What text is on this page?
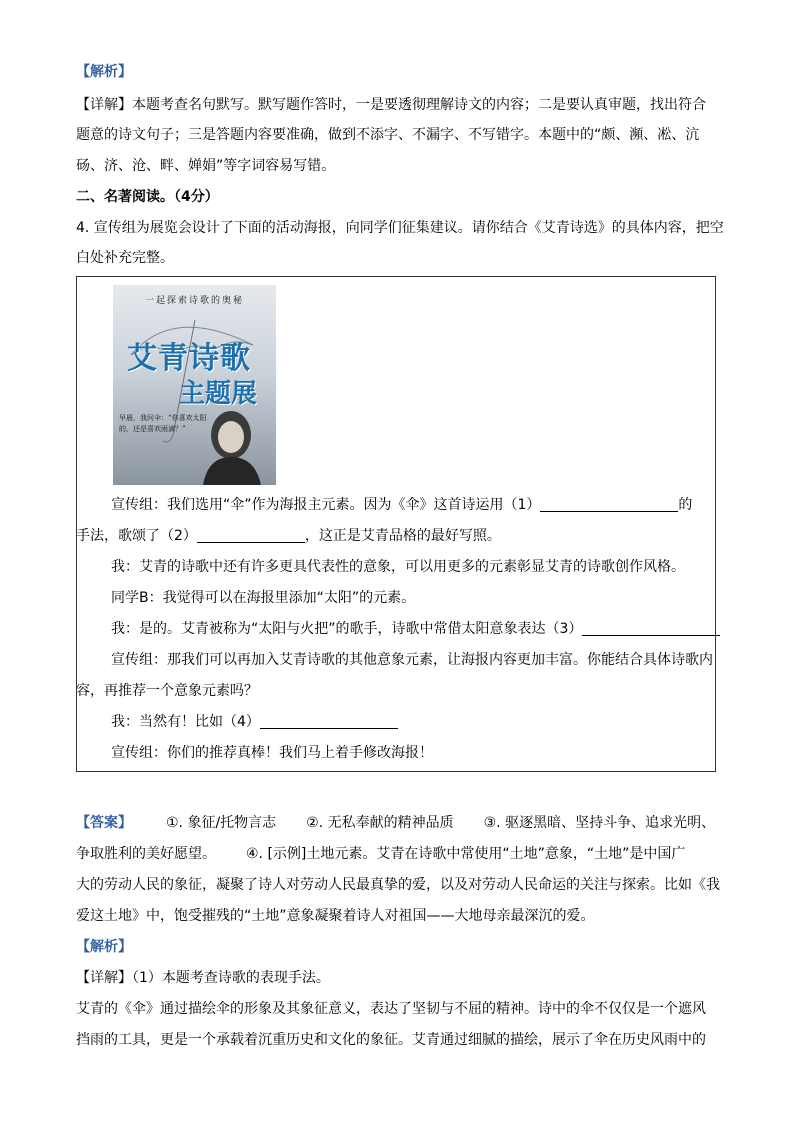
【解析】
【详解】本题考查名句默写。默写题作答时，一是要透彻理解诗文的内容；二是要认真审题，找出符合
题意的诗文句子；三是答题内容要准确，做到不添字、不漏字、不写错字。本题中的“颇、瀕、凇、沆
砀、济、沧、畔、婵娟”等字词容易写错。
二、名著阅读。（4分）
4. 宣传组为展览会设计了下面的活动海报，向同学们征集建议。请你结合《艾青诗选》的具体内容，把空
白处补充完整。
一起探索诗歌的奥秘
艾青诗歌
主题展
早晨，我问伞：“你喜欢太阳的，还是喜欢雨滴？”
宣传组：我们选用“伞”作为海报主元素。因为《伞》这首诗运用（1）	的
手法，歌颂了（2）	，这正是艾青品格的最好写照。
我：艾青的诗歌中还有许多更具代表性的意象，可以用更多的元素彰显艾青的诗歌创作风格。
同学B：我觉得可以在海报里添加“太阳”的元素。
我：是的。艾青被称为“太阳与火把”的歌手，诗歌中常借太阳意象表达（3）
宣传组：那我们可以再加入艾青诗歌的其他意象元素，让海报内容更加丰富。你能结合具体诗歌内
容，再推荐一个意象元素吗？
我：当然有！比如（4）
宣传组：你们的推荐真棒！我们马上着手修改海报！
【答案】 ①. 象征/托物言志 ②. 无私奉献的精神品质 ③. 驱逐黑暗、坚持斗争、追求光明、
争取胜利的美好愿望。 ④. [示例]土地元素。艾青在诗歌中常使用“土地”意象，“土地”是中国广
大的劳动人民的象征，凝聚了诗人对劳动人民最真挚的爱，以及对劳动人民命运的关注与探索。比如《我
爱这土地》中，饱受摧残的“土地”意象凝聚着诗人对祖国——大地母亲最深沉的爱。
【解析】
【详解】（1）本题考查诗歌的表现手法。
艾青的《伞》通过描绘伞的形象及其象征意义，表达了坚韧与不屈的精神。诗中的伞不仅仅是一个遮风
挡雨的工具，更是一个承载着沉重历史和文化的象征。艾青通过细腻的描绘，展示了伞在历史风雨中的
